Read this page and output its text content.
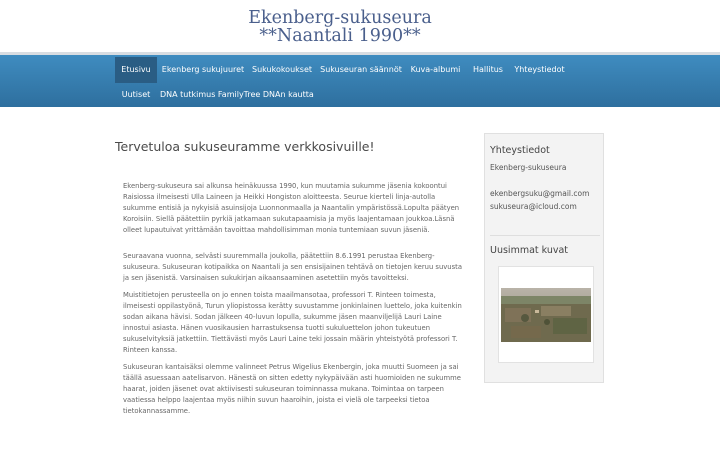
Ekenberg-sukuseura
**Naantali 1990**
Etusivu	Ekenberg sukujuuret Sukukokoukset	Sukuseuran säännöt	Kuva-albumi	Hallitus	Yhteystiedot
Uutiset	DNA tutkimus FamilyTree DNAn kautta
Tervetuloa sukuseuramme verkkosivuille!

Ekenberg-sukuseura sai alkunsa heinäkuussa 1990, kun muutamia sukumme jäsenia kokoontui Raisiossa ilmeisesti Ulla Laineen ja Heikki Hongiston aloitteesta. Seurue kierteli linja-autolla sukumme entisiä ja nykyisiä asuinsijoja Luonnonmaalla ja Naantalin ympäristössä.Lopulta päätyen Koroisiin. Siellä päätettiin pyrkiä jatkamaan sukutapaamisia ja myös laajentamaan joukkoa.Läsnä olleet lupautuivat yrittämään tavoittaa mahdollisimman monia tuntemiaan suvun jäseniä.

Seuraavana vuonna, selvästi suuremmalla joukolla, päätettiin 8.6.1991 perustaa Ekenberg-sukuseura. Sukuseuran kotipaikka on Naantali ja sen ensisijainen tehtävä on tietojen keruu suvusta ja sen jäsenistä. Varsinaisen sukukirjan aikaansaaminen asetettiin myös tavoitteksi.

Muistitietojen perusteella on jo ennen toista maailmansotaa, professori T. Rinteen toimesta, ilmeisesti oppilastyönä, Turun yliopistossa kerätty suvustamme jonkinlainen luettelo, joka kuitenkin sodan aikana hävisi. Sodan jälkeen 40-luvun lopulla, sukumme jäsen maanviljelijä Lauri Laine innostui asiasta. Hänen vuosikausien harrastuksensa tuotti sukuluettelon johon tukeutuen sukuselvityksiä jatkettiin. Tiettävästi myös Lauri Laine teki jossain määrin yhteistyötä professori T. Rinteen kanssa.

Sukuseuran kantaisäksi olemme valinneet Petrus Wigelius Ekenbergin, joka muutti Suomeen ja sai täällä asuessaan aatelisarvon. Hänestä on sitten edetty nykypäivään asti huomioiden ne sukumme haarat, joiden jäsenet ovat aktiivisesti sukuseuran toiminnassa mukana. Toimintaa on tarpeen vaatiessa helppo laajentaa myös niihin suvun haaroihin, joista ei vielä ole tarpeeksi tietoa tietokannassamme.

Yhteystiedot
Ekenberg-sukuseura
ekenbergsuku@gmail.com
sukuseura@icloud.com
Uusimmat kuvat
